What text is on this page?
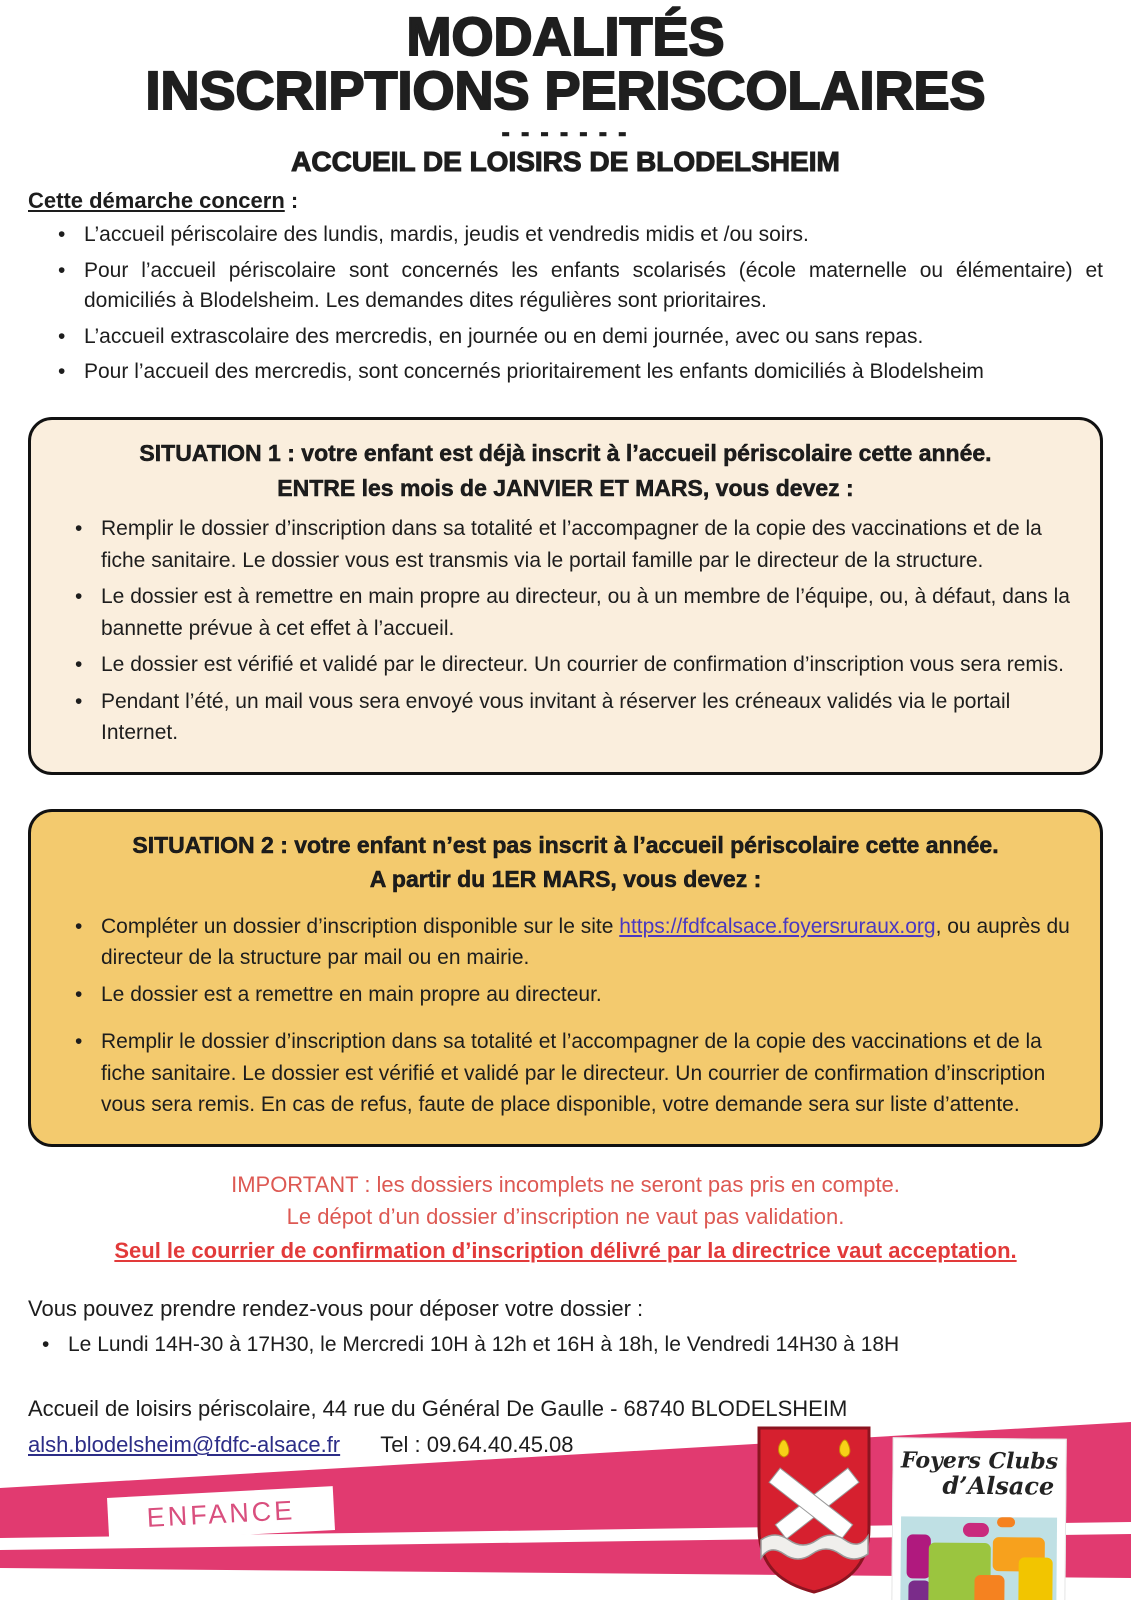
MODALITÉS
INSCRIPTIONS PERISCOLAIRES
- - - - - - -
ACCUEIL DE LOISIRS DE BLODELSHEIM
Cette démarche concern :
• L’accueil périscolaire des lundis, mardis, jeudis et vendredis midis et /ou soirs.
• Pour l’accueil périscolaire sont concernés les enfants scolarisés (école maternelle ou élémentaire) et domiciliés à Blodelsheim. Les demandes dites régulières sont prioritaires.
• L’accueil extrascolaire des mercredis, en journée ou en demi journée, avec ou sans repas.
• Pour l’accueil des mercredis, sont concernés prioritairement les enfants domiciliés à Blodelsheim
SITUATION 1 : votre enfant est déjà inscrit à l’accueil périscolaire cette année.
ENTRE les mois de JANVIER ET MARS, vous devez :
• Remplir le dossier d’inscription dans sa totalité et l’accompagner de la copie des vaccinations et de la fiche sanitaire. Le dossier vous est transmis via le portail famille par le directeur de la structure.
• Le dossier est à remettre en main propre au directeur, ou à un membre de l’équipe, ou, à défaut, dans la bannette prévue à cet effet à l’accueil.
• Le dossier est vérifié et validé par le directeur. Un courrier de confirmation d’inscription vous sera remis.
• Pendant l’été, un mail vous sera envoyé vous invitant à réserver les créneaux validés via le portail Internet.
SITUATION 2 : votre enfant n’est pas inscrit à l’accueil périscolaire cette année.
A partir du 1ER MARS, vous devez :
• Compléter un dossier d’inscription disponible sur le site https://fdfcalsace.foyersruraux.org, ou auprès du directeur de la structure par mail ou en mairie.
• Le dossier est a remettre en main propre au directeur.
• Remplir le dossier d’inscription dans sa totalité et l’accompagner de la copie des vaccinations et de la fiche sanitaire. Le dossier est vérifié et validé par le directeur. Un courrier de confirmation d’inscription vous sera remis. En cas de refus, faute de place disponible, votre demande sera sur liste d’attente.
IMPORTANT : les dossiers incomplets ne seront pas pris en compte.
Le dépot d’un dossier d’inscription ne vaut pas validation.
Seul le courrier de confirmation d’inscription délivré par la directrice vaut acceptation.
Vous pouvez prendre rendez-vous pour déposer votre dossier :
• Le Lundi 14H-30 à 17H30, le Mercredi 10H à 12h et 16H à 18h, le Vendredi 14H30 à 18H
Accueil de loisirs périscolaire, 44 rue du Général De Gaulle - 68740 BLODELSHEIM
alsh.blodelsheim@fdfc-alsace.fr Tel : 09.64.40.45.08
ENFANCE
Foyers Clubs
d’Alsace
